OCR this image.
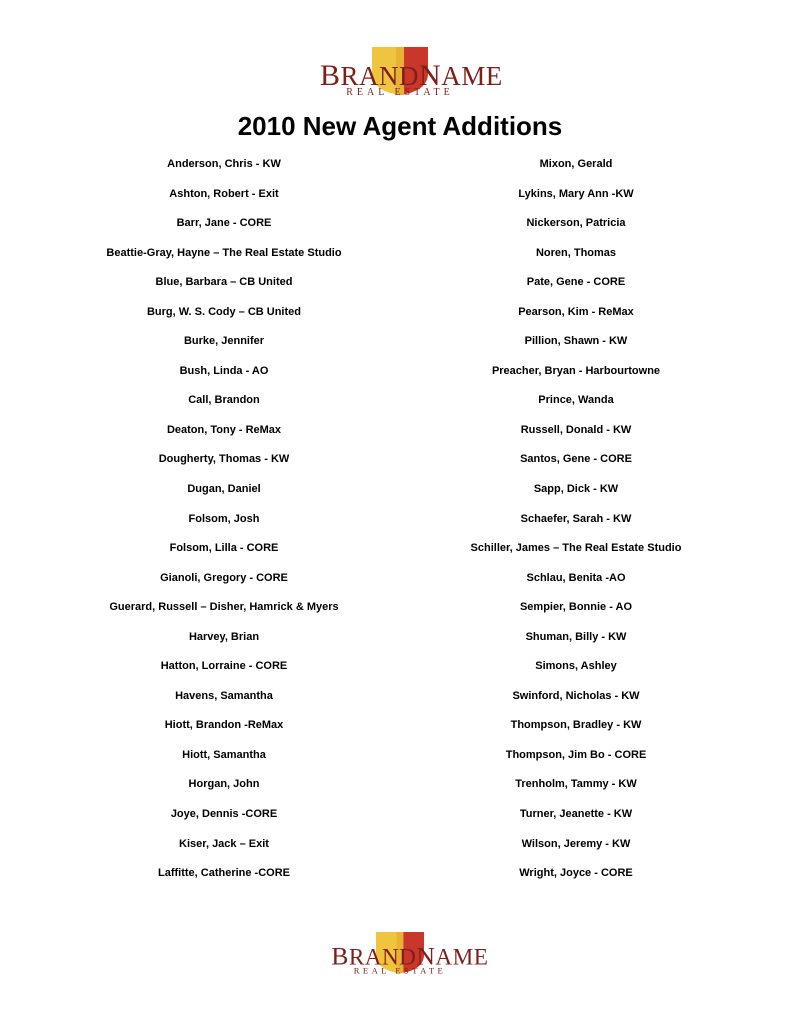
BRANDNAME
REAL ESTATE
2010 New Agent Additions
Anderson, Chris - KW
Ashton, Robert - Exit
Barr, Jane - CORE
Beattie-Gray, Hayne – The Real Estate Studio
Blue, Barbara – CB United
Burg, W. S. Cody – CB United
Burke, Jennifer
Bush, Linda - AO
Call, Brandon
Deaton, Tony - ReMax
Dougherty, Thomas - KW
Dugan, Daniel
Folsom, Josh
Folsom, Lilla - CORE
Gianoli, Gregory - CORE
Guerard, Russell – Disher, Hamrick & Myers
Harvey, Brian
Hatton, Lorraine - CORE
Havens, Samantha
Hiott, Brandon -ReMax
Hiott, Samantha
Horgan, John
Joye, Dennis -CORE
Kiser, Jack – Exit
Laffitte, Catherine -CORE
Mixon, Gerald
Lykins, Mary Ann -KW
Nickerson, Patricia
Noren, Thomas
Pate, Gene - CORE
Pearson, Kim - ReMax
Pillion, Shawn - KW
Preacher, Bryan - Harbourtowne
Prince, Wanda
Russell, Donald - KW
Santos, Gene - CORE
Sapp, Dick - KW
Schaefer, Sarah - KW
Schiller, James – The Real Estate Studio
Schlau, Benita -AO
Sempier, Bonnie - AO
Shuman, Billy - KW
Simons, Ashley
Swinford, Nicholas - KW
Thompson, Bradley - KW
Thompson, Jim Bo - CORE
Trenholm, Tammy - KW
Turner, Jeanette - KW
Wilson, Jeremy - KW
Wright, Joyce - CORE
BRANDNAME
REAL ESTATE
